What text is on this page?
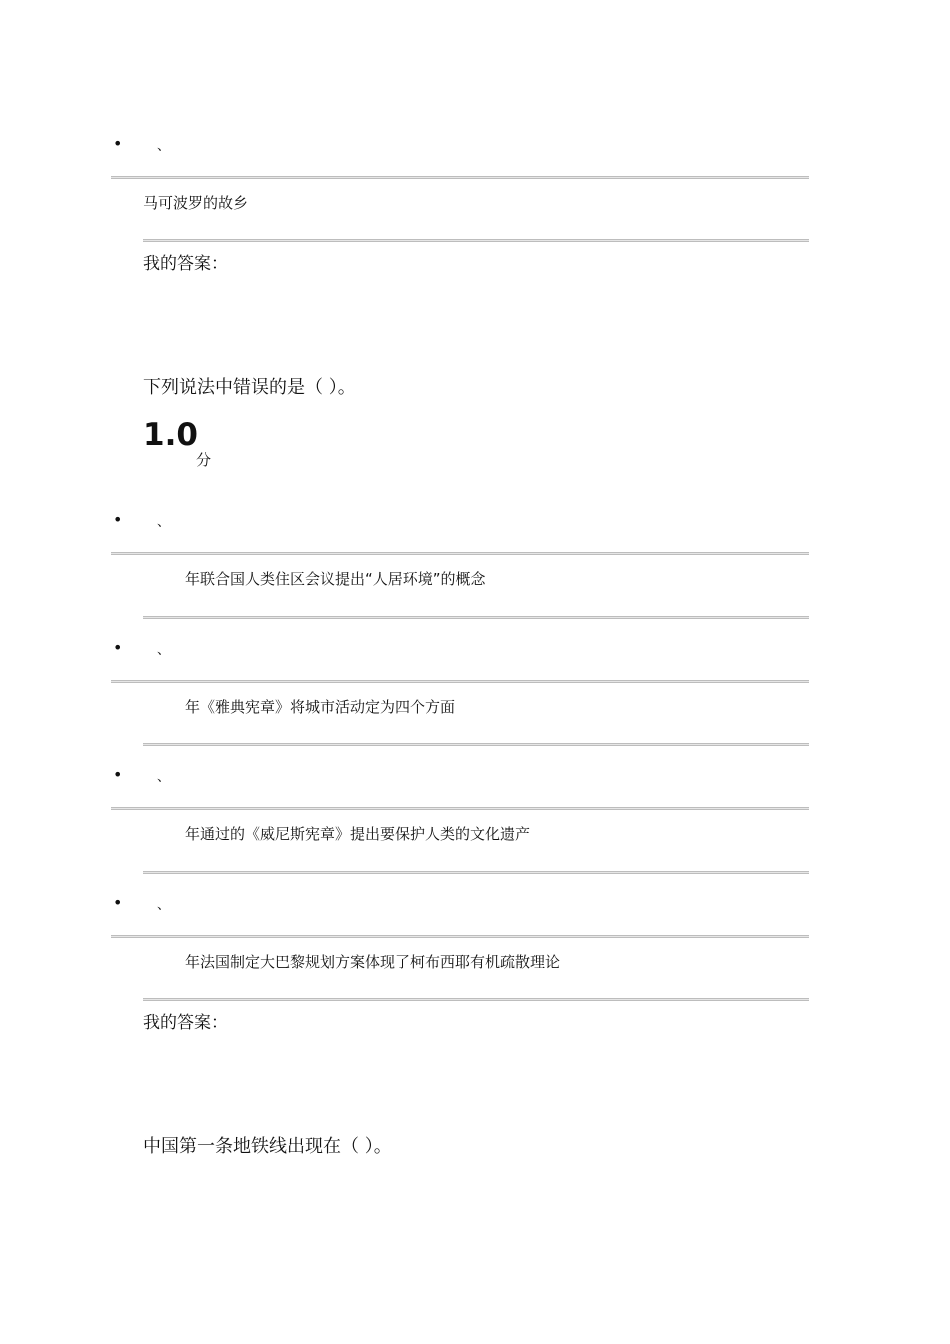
•	、
马可波罗的故乡
我的答案：
下列说法中错误的是（ ）。
1.0
分
•	、
年联合国人类住区会议提出“人居环境”的概念
•	、
年《雅典宪章》将城市活动定为四个方面
•	、
年通过的《威尼斯宪章》提出要保护人类的文化遗产
•	、
年法国制定大巴黎规划方案体现了柯布西耶有机疏散理论
我的答案：
中国第一条地铁线出现在（ ）。
